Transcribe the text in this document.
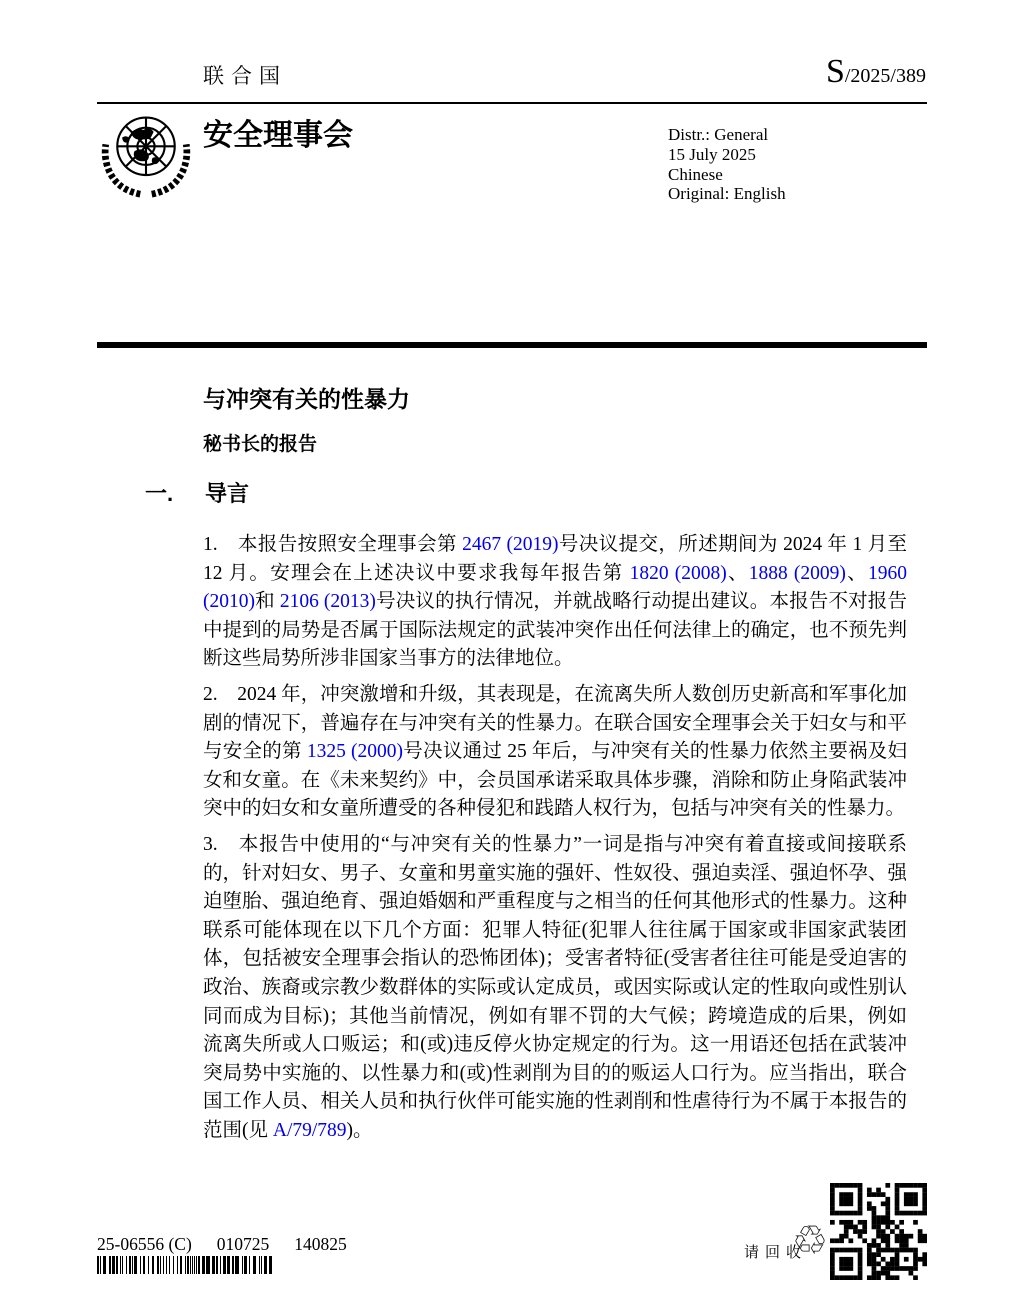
联合国	S /2025/389
安全理事会	Distr.: General
15 July 2025
Chinese
Original: English
与冲突有关的性暴力
秘书长的报告
一.	导言

1.　本报告按照安全理事会第 2467 (2019)号决议提交，所述期间为 2024 年 1 月至 12 月。安理会在上述决议中要求我每年报告第 1820 (2008)、1888 (2009)、1960 (2010)和 2106 (2013)号决议的执行情况，并就战略行动提出建议。本报告不对报告中提到的局势是否属于国际法规定的武装冲突作出任何法律上的确定，也不预先判断这些局势所涉非国家当事方的法律地位。

2.　2024 年，冲突激增和升级，其表现是，在流离失所人数创历史新高和军事化加剧的情况下，普遍存在与冲突有关的性暴力。在联合国安全理事会关于妇女与和平与安全的第 1325 (2000)号决议通过 25 年后，与冲突有关的性暴力依然主要祸及妇女和女童。在《未来契约》中，会员国承诺采取具体步骤，消除和防止身陷武装冲突中的妇女和女童所遭受的各种侵犯和践踏人权行为，包括与冲突有关的性暴力。

3.　本报告中使用的“与冲突有关的性暴力”一词是指与冲突有着直接或间接联系的，针对妇女、男子、女童和男童实施的强奸、性奴役、强迫卖淫、强迫怀孕、强迫堕胎、强迫绝育、强迫婚姻和严重程度与之相当的任何其他形式的性暴力。这种联系可能体现在以下几个方面：犯罪人特征(犯罪人往往属于国家或非国家武装团体，包括被安全理事会指认的恐怖团体)；受害者特征(受害者往往可能是受迫害的政治、族裔或宗教少数群体的实际或认定成员，或因实际或认定的性取向或性别认同而成为目标)；其他当前情况，例如有罪不罚的大气候；跨境造成的后果，例如流离失所或人口贩运；和(或)违反停火协定规定的行为。这一用语还包括在武装冲突局势中实施的、以性暴力和(或)性剥削为目的的贩运人口行为。应当指出，联合国工作人员、相关人员和执行伙伴可能实施的性剥削和性虐待行为不属于本报告的范围(见 A/79/789)。

25-06556 (C) 010725 140825	请回收
♲
